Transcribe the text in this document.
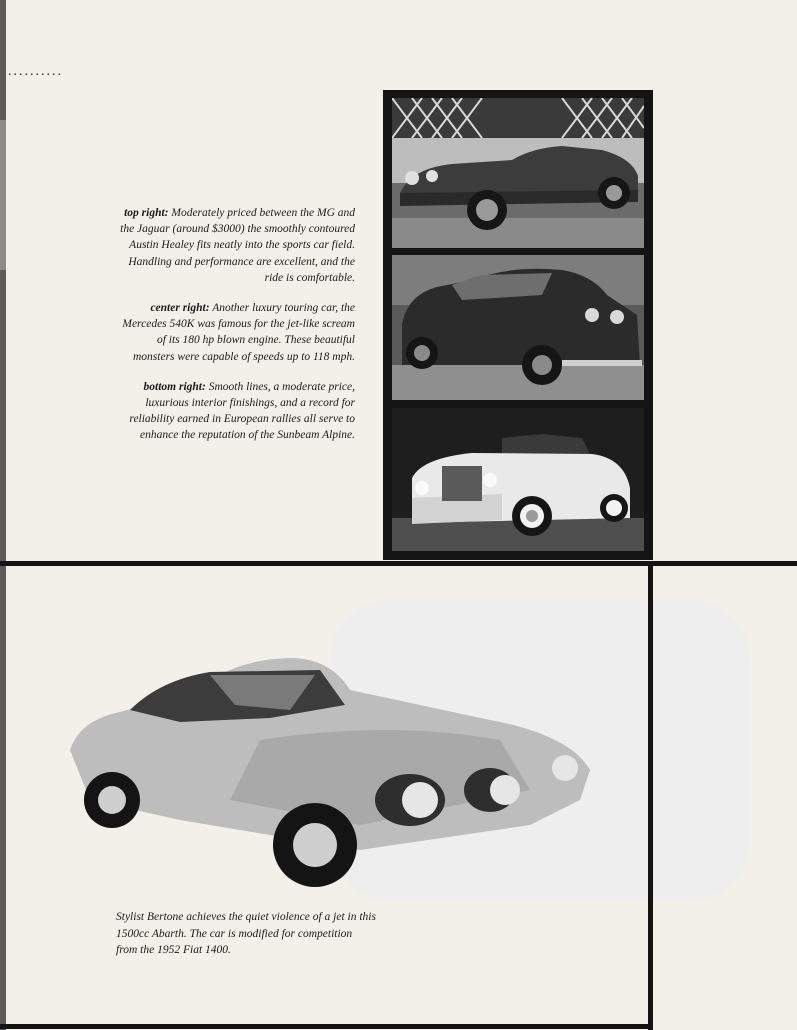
..........

top right: Moderately priced between the MG and the Jaguar (around $3000) the smoothly contoured Austin Healey fits neatly into the sports car field. Handling and performance are excellent, and the ride is comfortable.

center right: Another luxury touring car, the Mercedes 540K was famous for the jet-like scream of its 180 hp blown engine. These beautiful monsters were capable of speeds up to 118 mph.

bottom right: Smooth lines, a moderate price, luxurious interior finishings, and a record for reliability earned in European rallies all serve to enhance the reputation of the Sunbeam Alpine.

Stylist Bertone achieves the quiet violence of a jet in this 1500cc Abarth. The car is modified for competition from the 1952 Fiat 1400.
